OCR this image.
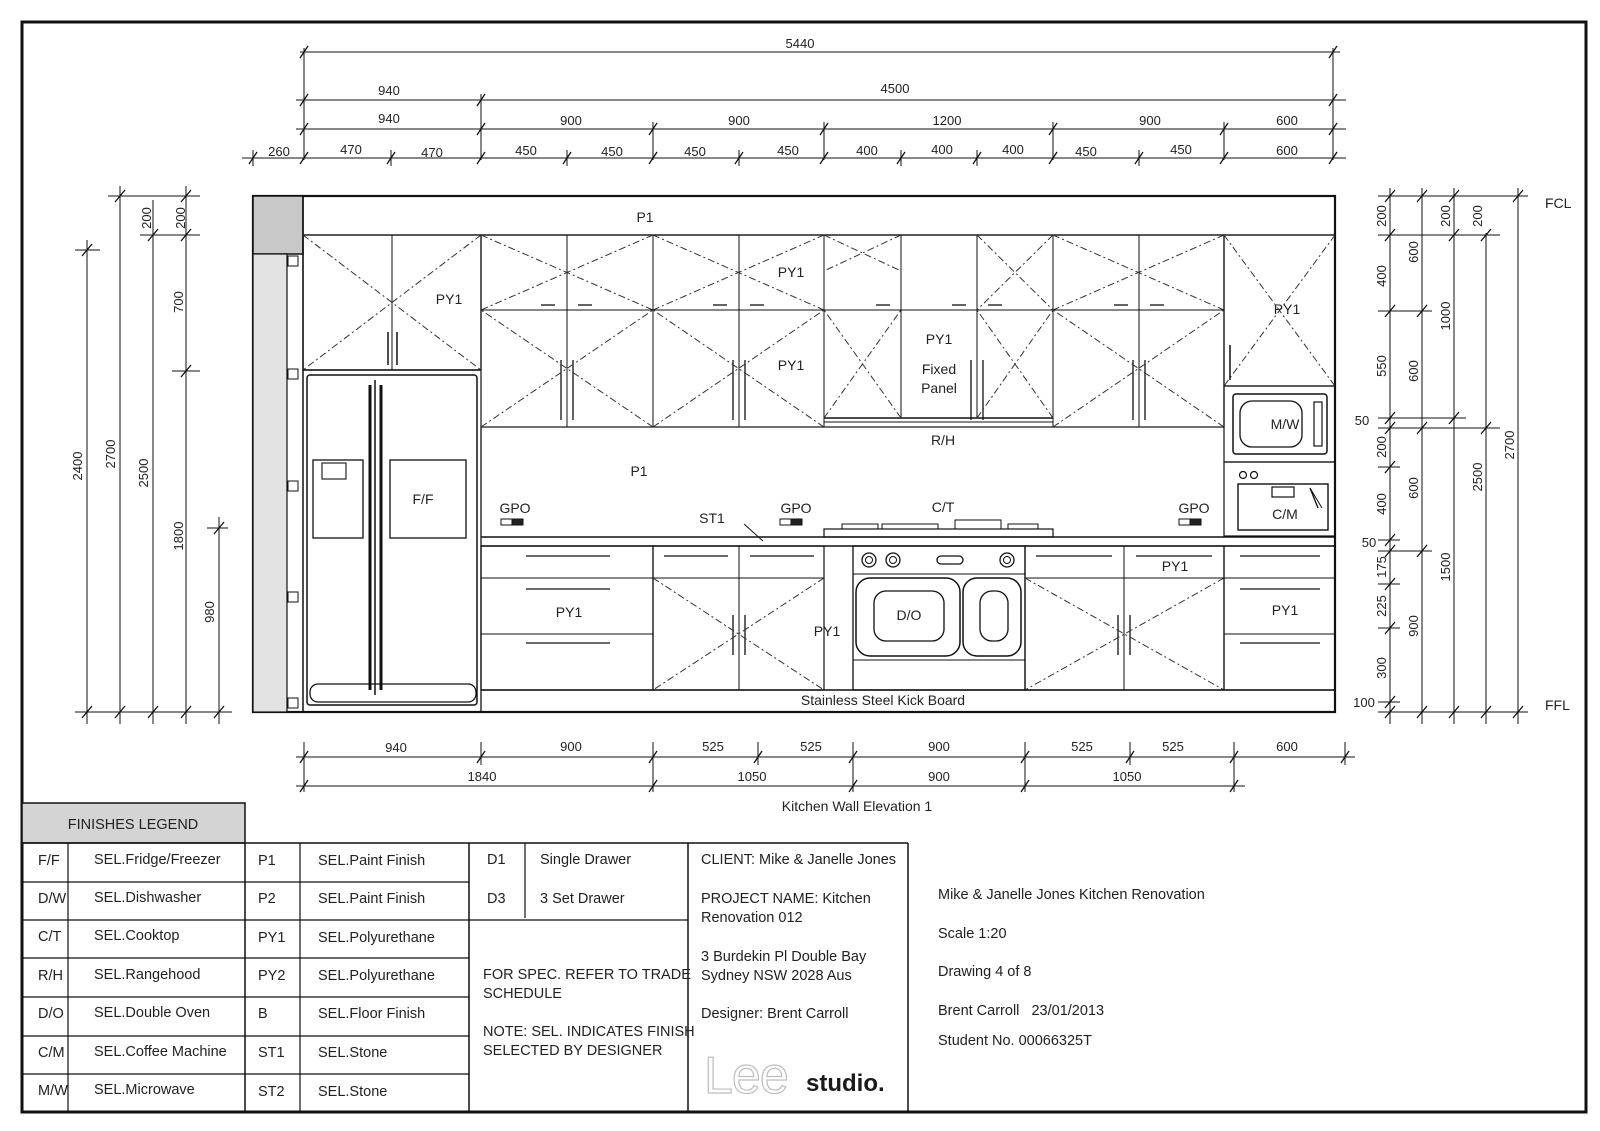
5440
940	4500
940	900	900	1200	900	600
260	470	470	450	450	450	450	400	400	400	450	450	600
2400 2700
2500
200 200
700
1800
980
50
50
100
200
400
550
200
400
175
225
300
600
600
600
900
200
1000
1500
200
2500
2700
FCL
FFL
P1
PY1
PY1
PY1
PY1
Fixed
Panel
PY1
R/H
P1
F/F
GPO	GPO	GPO
ST1
C/T
M/W
C/M
PY1
PY1
D/O
PY1
PY1
Stainless Steel Kick Board
940	900	525	525	900	525	525	600
1840	1050	900	1050
Kitchen Wall Elevation 1
FINISHES LEGEND
F/F SEL.Fridge/Freezer
D/W SEL.Dishwasher
C/T SEL.Cooktop
R/H SEL.Rangehood
D/O SEL.Double Oven
C/M SEL.Coffee Machine
M/W SEL.Microwave
P1	SEL.Paint Finish
P2	SEL.Paint Finish
PY1 SEL.Polyurethane
PY2 SEL.Polyurethane
B	SEL.Floor Finish
ST1 SEL.Stone
ST2 SEL.Stone
D1 Single Drawer
D3 3 Set Drawer
FOR SPEC. REFER TO TRADE
SCHEDULE
NOTE: SEL. INDICATES FINISH
SELECTED BY DESIGNER
CLIENT: Mike & Janelle Jones
PROJECT NAME: Kitchen
Renovation 012
3 Burdekin Pl Double Bay
Sydney NSW 2028 Aus
Designer: Brent Carroll
Mike & Janelle Jones Kitchen Renovation
Scale 1:20
Drawing 4 of 8
Brent Carroll   23/01/2013
Student No. 00066325T
Lee studio.
